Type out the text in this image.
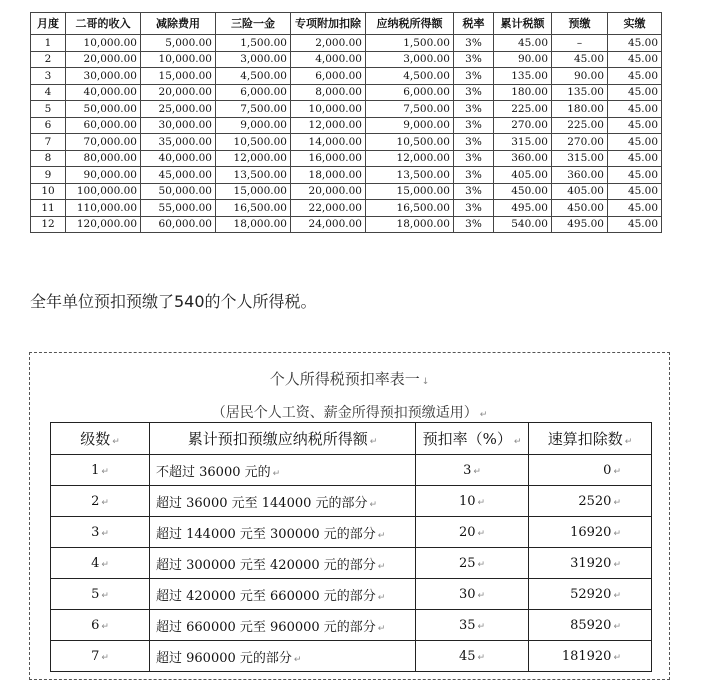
月度	二哥的收入	减除费用	三险一金	专项附加扣除	应纳税所得额	税率	累计税额	预缴	实缴
1	10,000.00	5,000.00	1,500.00	2,000.00	1,500.00	3%	45.00	–	45.00
2	20,000.00	10,000.00	3,000.00	4,000.00	3,000.00	3%	90.00	45.00	45.00
3	30,000.00	15,000.00	4,500.00	6,000.00	4,500.00	3%	135.00	90.00	45.00
4	40,000.00	20,000.00	6,000.00	8,000.00	6,000.00	3%	180.00	135.00	45.00
5	50,000.00	25,000.00	7,500.00	10,000.00	7,500.00	3%	225.00	180.00	45.00
6	60,000.00	30,000.00	9,000.00	12,000.00	9,000.00	3%	270.00	225.00	45.00
7	70,000.00	35,000.00	10,500.00	14,000.00	10,500.00	3%	315.00	270.00	45.00
8	80,000.00	40,000.00	12,000.00	16,000.00	12,000.00	3%	360.00	315.00	45.00
9	90,000.00	45,000.00	13,500.00	18,000.00	13,500.00	3%	405.00	360.00	45.00
10	100,000.00	50,000.00	15,000.00	20,000.00	15,000.00	3%	450.00	405.00	45.00
11	110,000.00	55,000.00	16,500.00	22,000.00	16,500.00	3%	495.00	450.00	45.00
12	120,000.00	60,000.00	18,000.00	24,000.00	18,000.00	3%	540.00	495.00	45.00
全年单位预扣预缴了540的个人所得税。
个人所得税预扣率表一 ↓
（居民个人工资、薪金所得预扣预缴适用） ↵
级数 ↵	累计预扣预缴应纳税所得额 ↵	预扣率（%） ↵	速算扣除数 ↵
1 ↵	不超过 36000 元的 ↵	3 ↵	0 ↵
2 ↵	超过 36000 元至 144000 元的部分 ↵	10 ↵	2520 ↵
3 ↵	超过 144000 元至 300000 元的部分 ↵	20 ↵	16920 ↵
4 ↵	超过 300000 元至 420000 元的部分 ↵	25 ↵	31920 ↵
5 ↵	超过 420000 元至 660000 元的部分 ↵	30 ↵	52920 ↵
6 ↵	超过 660000 元至 960000 元的部分 ↵	35 ↵	85920 ↵
7 ↵	超过 960000 元的部分 ↵	45 ↵	181920 ↵
